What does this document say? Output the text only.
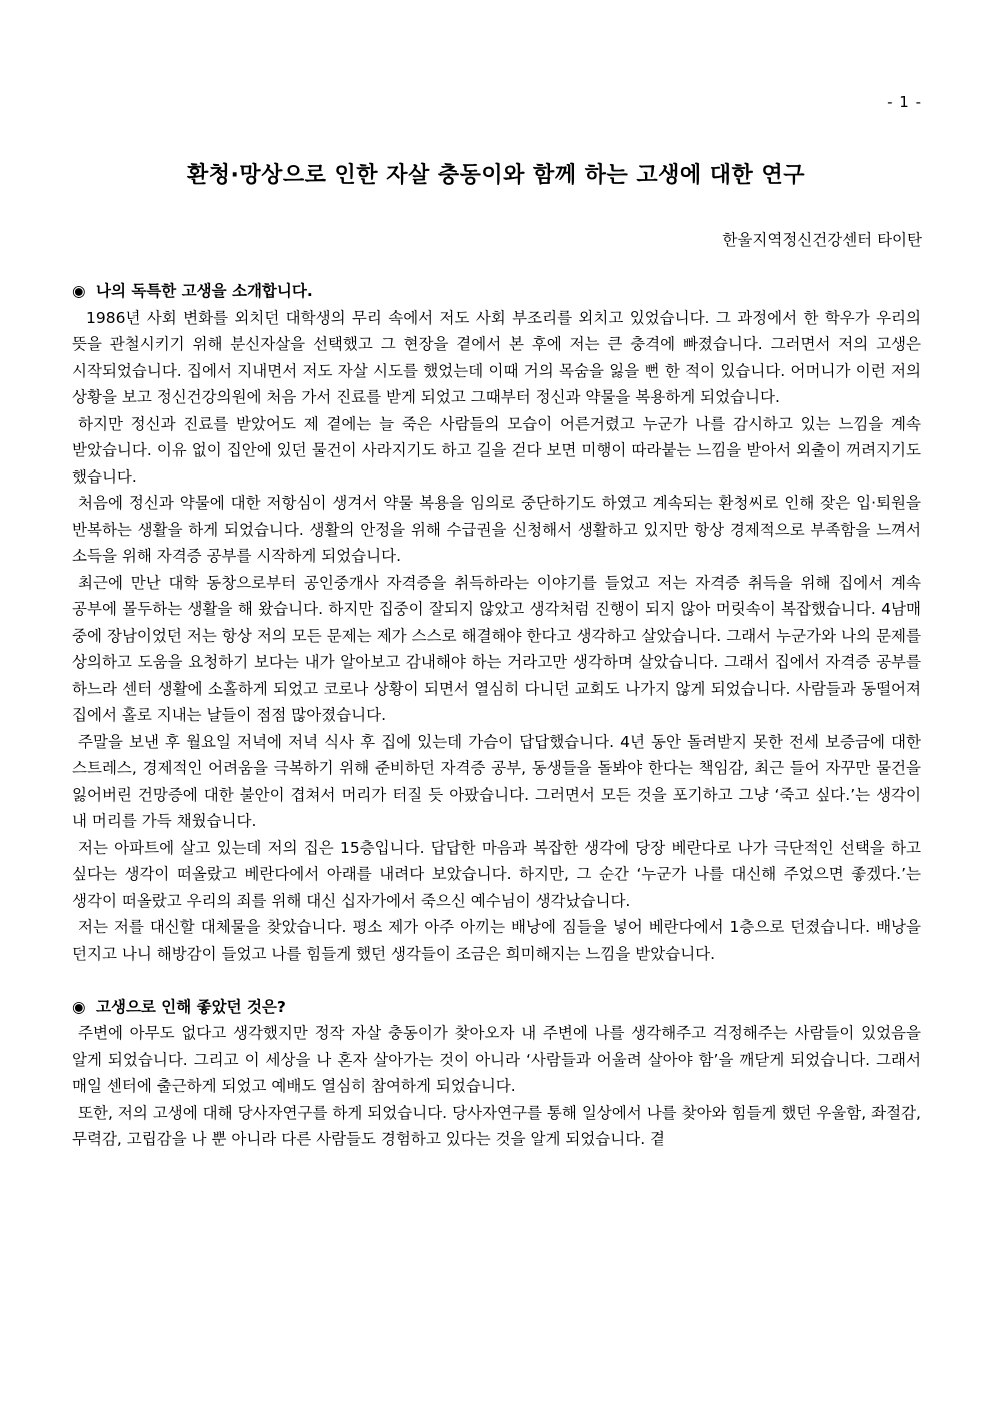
- 1 -
환청·망상으로 인한 자살 충동이와 함께 하는 고생에 대한 연구
한울지역정신건강센터 타이탄
◉ 나의 독특한 고생을 소개합니다.

1986년 사회 변화를 외치던 대학생의 무리 속에서 저도 사회 부조리를 외치고 있었습니다. 그 과정에서 한 학우가 우리의 뜻을 관철시키기 위해 분신자살을 선택했고 그 현장을 곁에서 본 후에 저는 큰 충격에 빠졌습니다. 그러면서 저의 고생은 시작되었습니다. 집에서 지내면서 저도 자살 시도를 했었는데 이때 거의 목숨을 잃을 뻔 한 적이 있습니다. 어머니가 이런 저의 상황을 보고 정신건강의원에 처음 가서 진료를 받게 되었고 그때부터 정신과 약물을 복용하게 되었습니다.

하지만 정신과 진료를 받았어도 제 곁에는 늘 죽은 사람들의 모습이 어른거렸고 누군가 나를 감시하고 있는 느낌을 계속 받았습니다. 이유 없이 집안에 있던 물건이 사라지기도 하고 길을 걷다 보면 미행이 따라붙는 느낌을 받아서 외출이 꺼려지기도 했습니다.

처음에 정신과 약물에 대한 저항심이 생겨서 약물 복용을 임의로 중단하기도 하였고 계속되는 환청씨로 인해 잦은 입·퇴원을 반복하는 생활을 하게 되었습니다. 생활의 안정을 위해 수급권을 신청해서 생활하고 있지만 항상 경제적으로 부족함을 느껴서 소득을 위해 자격증 공부를 시작하게 되었습니다.

최근에 만난 대학 동창으로부터 공인중개사 자격증을 취득하라는 이야기를 들었고 저는 자격증 취득을 위해 집에서 계속 공부에 몰두하는 생활을 해 왔습니다. 하지만 집중이 잘되지 않았고 생각처럼 진행이 되지 않아 머릿속이 복잡했습니다. 4남매 중에 장남이었던 저는 항상 저의 모든 문제는 제가 스스로 해결해야 한다고 생각하고 살았습니다. 그래서 누군가와 나의 문제를 상의하고 도움을 요청하기 보다는 내가 알아보고 감내해야 하는 거라고만 생각하며 살았습니다. 그래서 집에서 자격증 공부를 하느라 센터 생활에 소홀하게 되었고 코로나 상황이 되면서 열심히 다니던 교회도 나가지 않게 되었습니다. 사람들과 동떨어져 집에서 홀로 지내는 날들이 점점 많아졌습니다.

주말을 보낸 후 월요일 저녁에 저녁 식사 후 집에 있는데 가슴이 답답했습니다. 4년 동안 돌려받지 못한 전세 보증금에 대한 스트레스, 경제적인 어려움을 극복하기 위해 준비하던 자격증 공부, 동생들을 돌봐야 한다는 책임감, 최근 들어 자꾸만 물건을 잃어버린 건망증에 대한 불안이 겹쳐서 머리가 터질 듯 아팠습니다. 그러면서 모든 것을 포기하고 그냥 ‘죽고 싶다.’는 생각이 내 머리를 가득 채웠습니다.

저는 아파트에 살고 있는데 저의 집은 15층입니다. 답답한 마음과 복잡한 생각에 당장 베란다로 나가 극단적인 선택을 하고 싶다는 생각이 떠올랐고 베란다에서 아래를 내려다 보았습니다. 하지만, 그 순간 ‘누군가 나를 대신해 주었으면 좋겠다.’는 생각이 떠올랐고 우리의 죄를 위해 대신 십자가에서 죽으신 예수님이 생각났습니다.

저는 저를 대신할 대체물을 찾았습니다. 평소 제가 아주 아끼는 배낭에 짐들을 넣어 베란다에서 1층으로 던졌습니다. 배낭을 던지고 나니 해방감이 들었고 나를 힘들게 했던 생각들이 조금은 희미해지는 느낌을 받았습니다.

◉ 고생으로 인해 좋았던 것은?

주변에 아무도 없다고 생각했지만 정작 자살 충동이가 찾아오자 내 주변에 나를 생각해주고 걱정해주는 사람들이 있었음을 알게 되었습니다. 그리고 이 세상을 나 혼자 살아가는 것이 아니라 ‘사람들과 어울려 살아야 함’을 깨닫게 되었습니다. 그래서 매일 센터에 출근하게 되었고 예배도 열심히 참여하게 되었습니다.

또한, 저의 고생에 대해 당사자연구를 하게 되었습니다. 당사자연구를 통해 일상에서 나를 찾아와 힘들게 했던 우울함, 좌절감, 무력감, 고립감을 나 뿐 아니라 다른 사람들도 경험하고 있다는 것을 알게 되었습니다. 곁
